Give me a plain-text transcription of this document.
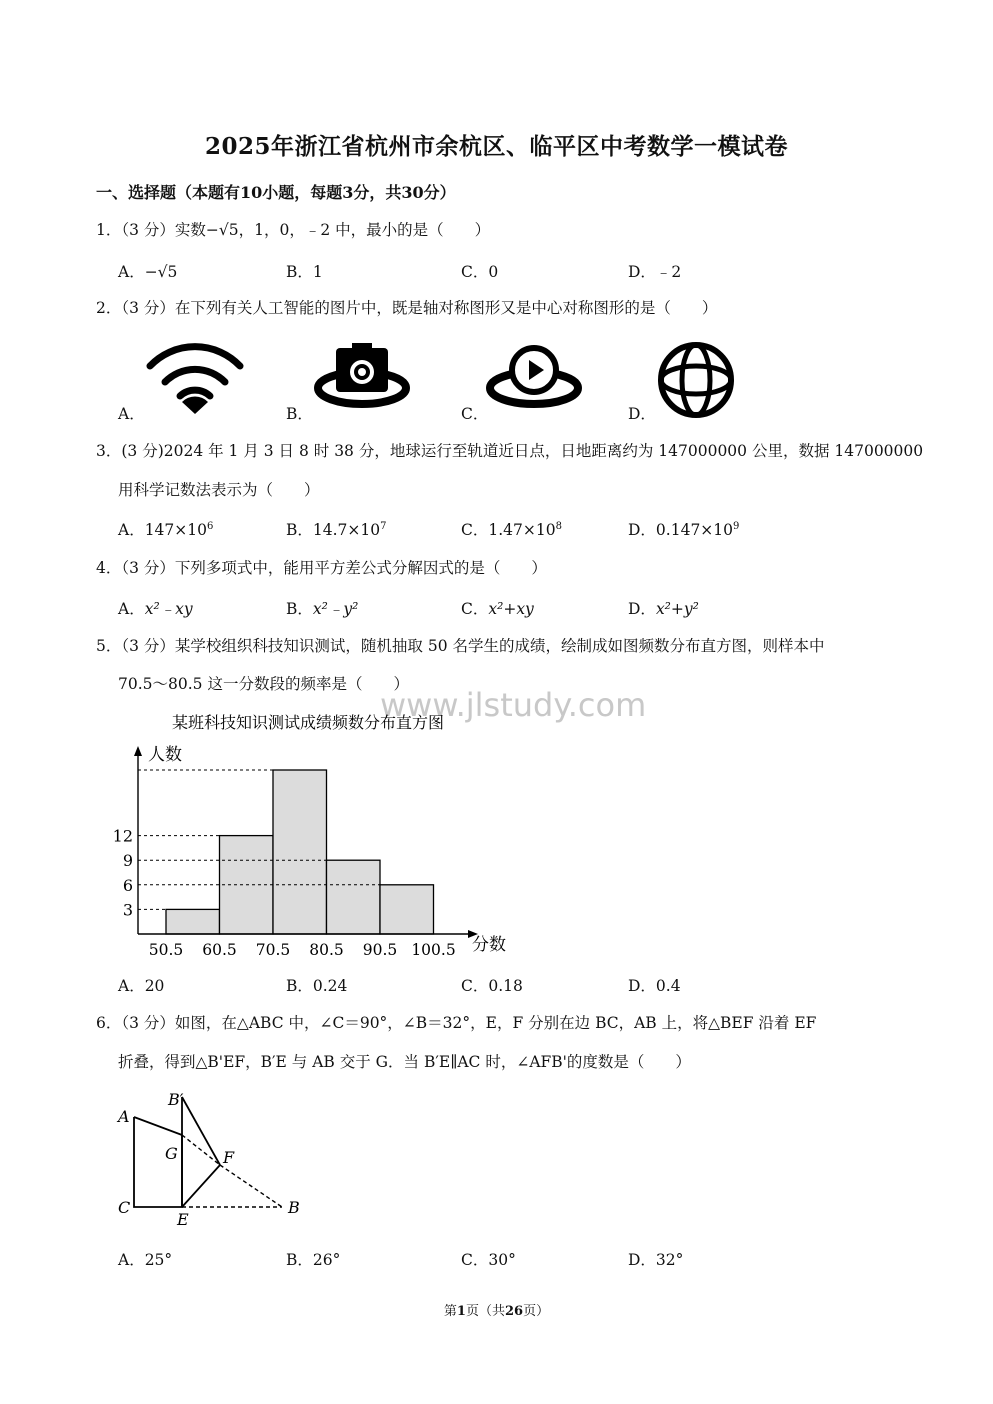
2025年浙江省杭州市余杭区、临平区中考数学一模试卷
一、选择题（本题有10小题，每题3分，共30分）
1．（3 分）实数−√5，1，0，﹣2 中，最小的是（　　）
A．−√5	B．1	C．0	D．﹣2
2．（3 分）在下列有关人工智能的图片中，既是轴对称图形又是中心对称图形的是（　　）
A．	B．	C．	D．
3．(3 分)2024 年 1 月 3 日 8 时 38 分，地球运行至轨道近日点，日地距离约为 147000000 公里，数据 147000000
用科学记数法表示为（　　）
A．$147\times 10^6$	B．$14.7\times 10^7$	C．$1.47\times 10^8$	D．$0.147\times 10^9$
4．（3 分）下列多项式中，能用平方差公式分解因式的是（　　）
A．x²﹣xy	B．x²﹣y²	C．x²+xy	D．x²+y²
5．（3 分）某学校组织科技知识测试，随机抽取 50 名学生的成绩，绘制成如图频数分布直方图，则样本中
70.5～80.5 这一分数段的频率是（　　）
www.jlstudy.com
某班科技知识测试成绩频数分布直方图
人数
分数
3
6
9
12
50.5 60.5 70.5 80.5 90.5 100.5
A．20	B．0.24	C．0.18	D．0.4
6．（3 分）如图，在△ABC 中，∠C＝90°，∠B＝32°，E，F 分别在边 BC，AB 上，将△BEF 沿着 EF
折叠，得到△B'EF，B′E 与 AB 交于 G．当 B′E∥AC 时，∠AFB'的度数是（　　）
A
B′
G	F
C
E
B
A．25°	B．26°	C．30°	D．32°
第1页（共26页）
